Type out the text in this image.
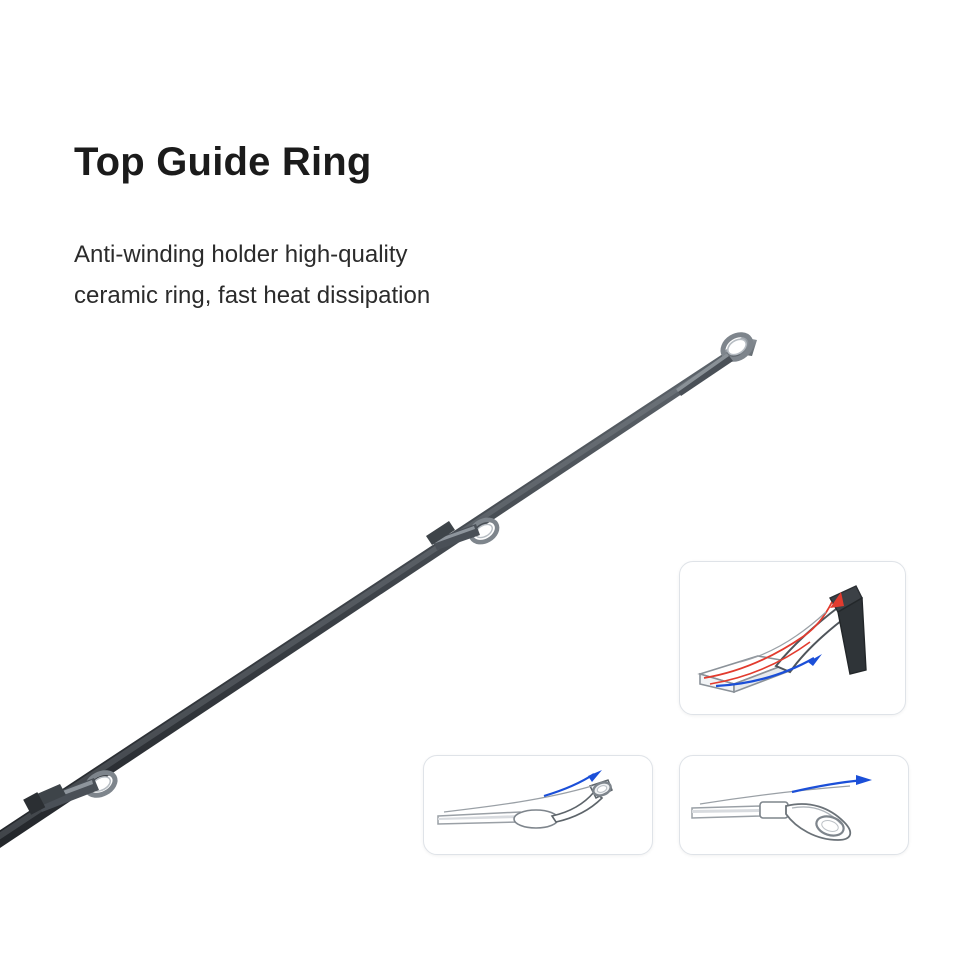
Top Guide Ring
Anti-winding holder high-quality
ceramic ring, fast heat dissipation
